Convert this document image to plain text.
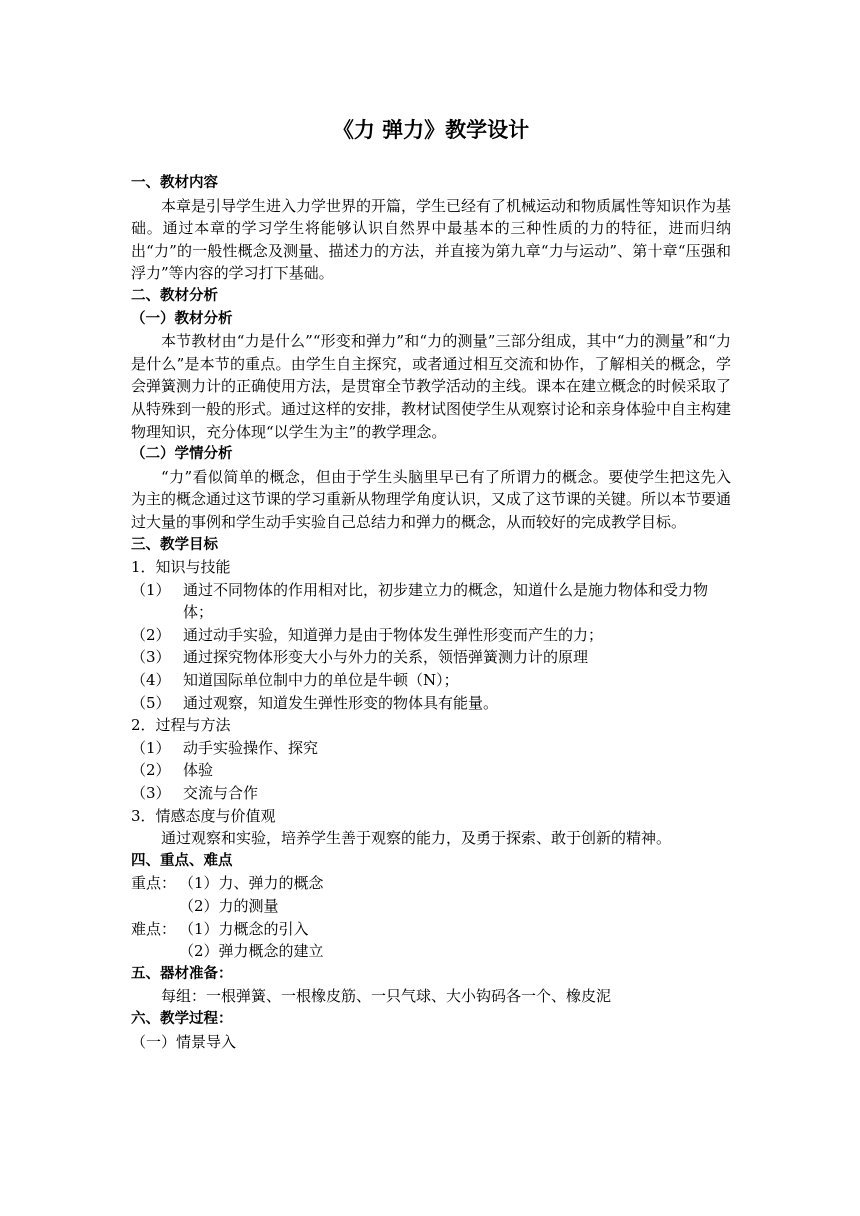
《力 弹力》教学设计
一、教材内容

本章是引导学生进入力学世界的开篇，学生已经有了机械运动和物质属性等知识作为基础。通过本章的学习学生将能够认识自然界中最基本的三种性质的力的特征，进而归纳出“力”的一般性概念及测量、描述力的方法，并直接为第九章“力与运动”、第十章“压强和浮力”等内容的学习打下基础。

二、教材分析
（一）教材分析

本节教材由“力是什么”“形变和弹力”和“力的测量”三部分组成，其中“力的测量”和“力是什么”是本节的重点。由学生自主探究，或者通过相互交流和协作，了解相关的概念，学会弹簧测力计的正确使用方法，是贯窜全节教学活动的主线。课本在建立概念的时候采取了从特殊到一般的形式。通过这样的安排，教材试图使学生从观察讨论和亲身体验中自主构建物理知识，充分体现“以学生为主”的教学理念。

（二）学情分析

“力”看似简单的概念，但由于学生头脑里早已有了所谓力的概念。要使学生把这先入为主的概念通过这节课的学习重新从物理学角度认识，又成了这节课的关键。所以本节要通过大量的事例和学生动手实验自己总结力和弹力的概念，从而较好的完成教学目标。

三、教学目标
1．知识与技能
（1） 通过不同物体的作用相对比，初步建立力的概念，知道什么是施力物体和受力物体；
（2） 通过动手实验，知道弹力是由于物体发生弹性形变而产生的力；
（3） 通过探究物体形变大小与外力的关系，领悟弹簧测力计的原理
（4） 知道国际单位制中力的单位是牛顿（N）；
（5） 通过观察，知道发生弹性形变的物体具有能量。
2．过程与方法
（1） 动手实验操作、探究
（2） 体验
（3） 交流与合作
3．情感态度与价值观
通过观察和实验，培养学生善于观察的能力，及勇于探索、敢于创新的精神。
四、重点、难点
重点： （1）力、弹力的概念
（2）力的测量
难点： （1）力概念的引入
（2）弹力概念的建立
五、器材准备：
每组：一根弹簧、一根橡皮筋、一只气球、大小钩码各一个、橡皮泥
六、教学过程：
（一）情景导入
